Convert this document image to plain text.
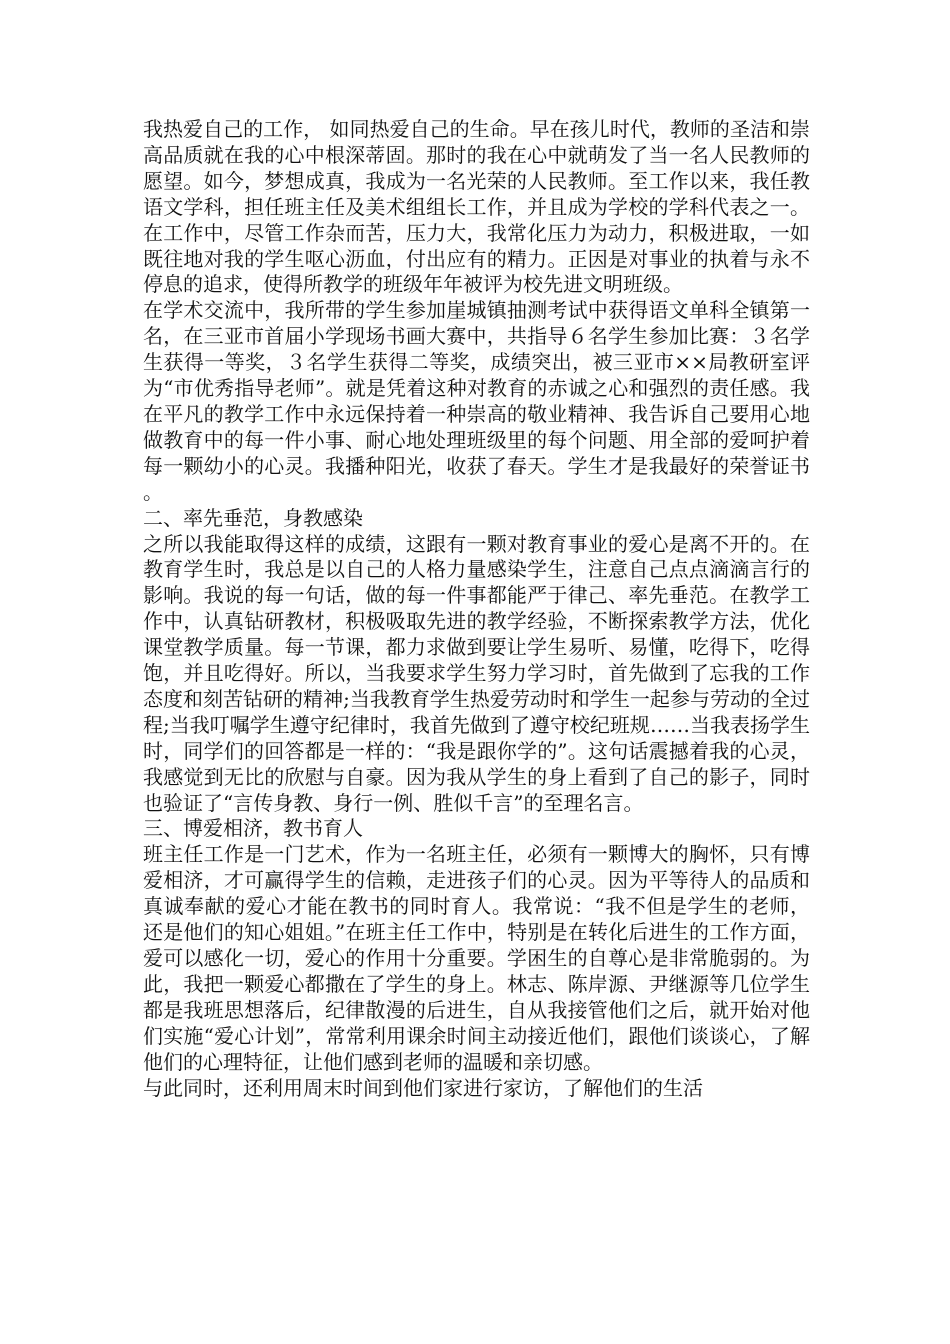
我热爱自己的工作， 如同热爱自己的生命。早在孩儿时代，教师的圣洁和崇高品质就在我的心中根深蒂固。那时的我在心中就萌发了当一名人民教师的愿望。如今，梦想成真，我成为一名光荣的人民教师。至工作以来，我任教语文学科，担任班主任及美术组组长工作，并且成为学校的学科代表之一。在工作中，尽管工作杂而苦，压力大，我常化压力为动力，积极进取，一如既往地对我的学生呕心沥血，付出应有的精力。正因是对事业的执着与永不停息的追求，使得所教学的班级年年被评为校先进文明班级。

在学术交流中，我所带的学生参加崖城镇抽测考试中获得语文单科全镇第一名，在三亚市首届小学现场书画大赛中，共指导６名学生参加比赛：３名学生获得一等奖，３名学生获得二等奖，成绩突出，被三亚市××局教研室评为“市优秀指导老师”。就是凭着这种对教育的赤诚之心和强烈的责任感。我在平凡的教学工作中永远保持着一种崇高的敬业精神、我告诉自己要用心地做教育中的每一件小事、耐心地处理班级里的每个问题、用全部的爱呵护着每一颗幼小的心灵。我播种阳光，收获了春天。学生才是我最好的荣誉证书。

二、率先垂范，身教感染

之所以我能取得这样的成绩，这跟有一颗对教育事业的爱心是离不开的。在教育学生时，我总是以自己的人格力量感染学生，注意自己点点滴滴言行的影响。我说的每一句话，做的每一件事都能严于律己、率先垂范。在教学工作中，认真钻研教材，积极吸取先进的教学经验，不断探索教学方法，优化课堂教学质量。每一节课，都力求做到要让学生易听、易懂，吃得下，吃得饱，并且吃得好。所以，当我要求学生努力学习时，首先做到了忘我的工作态度和刻苦钻研的精神;当我教育学生热爱劳动时和学生一起参与劳动的全过程;当我叮嘱学生遵守纪律时，我首先做到了遵守校纪班规……当我表扬学生时，同学们的回答都是一样的：“我是跟你学的”。这句话震撼着我的心灵，我感觉到无比的欣慰与自豪。因为我从学生的身上看到了自己的影子，同时也验证了“言传身教、身行一例、胜似千言”的至理名言。

三、博爱相济，教书育人

班主任工作是一门艺术，作为一名班主任，必须有一颗博大的胸怀，只有博爱相济，才可赢得学生的信赖，走进孩子们的心灵。因为平等待人的品质和真诚奉献的爱心才能在教书的同时育人。我常说：“我不但是学生的老师，还是他们的知心姐姐。”在班主任工作中，特别是在转化后进生的工作方面，爱可以感化一切，爱心的作用十分重要。学困生的自尊心是非常脆弱的。为此，我把一颗爱心都撒在了学生的身上。林志、陈岸源、尹继源等几位学生都是我班思想落后，纪律散漫的后进生，自从我接管他们之后，就开始对他们实施“爱心计划”，常常利用课余时间主动接近他们，跟他们谈谈心，了解他们的心理特征，让他们感到老师的温暖和亲切感。

与此同时，还利用周末时间到他们家进行家访，了解他们的生活
